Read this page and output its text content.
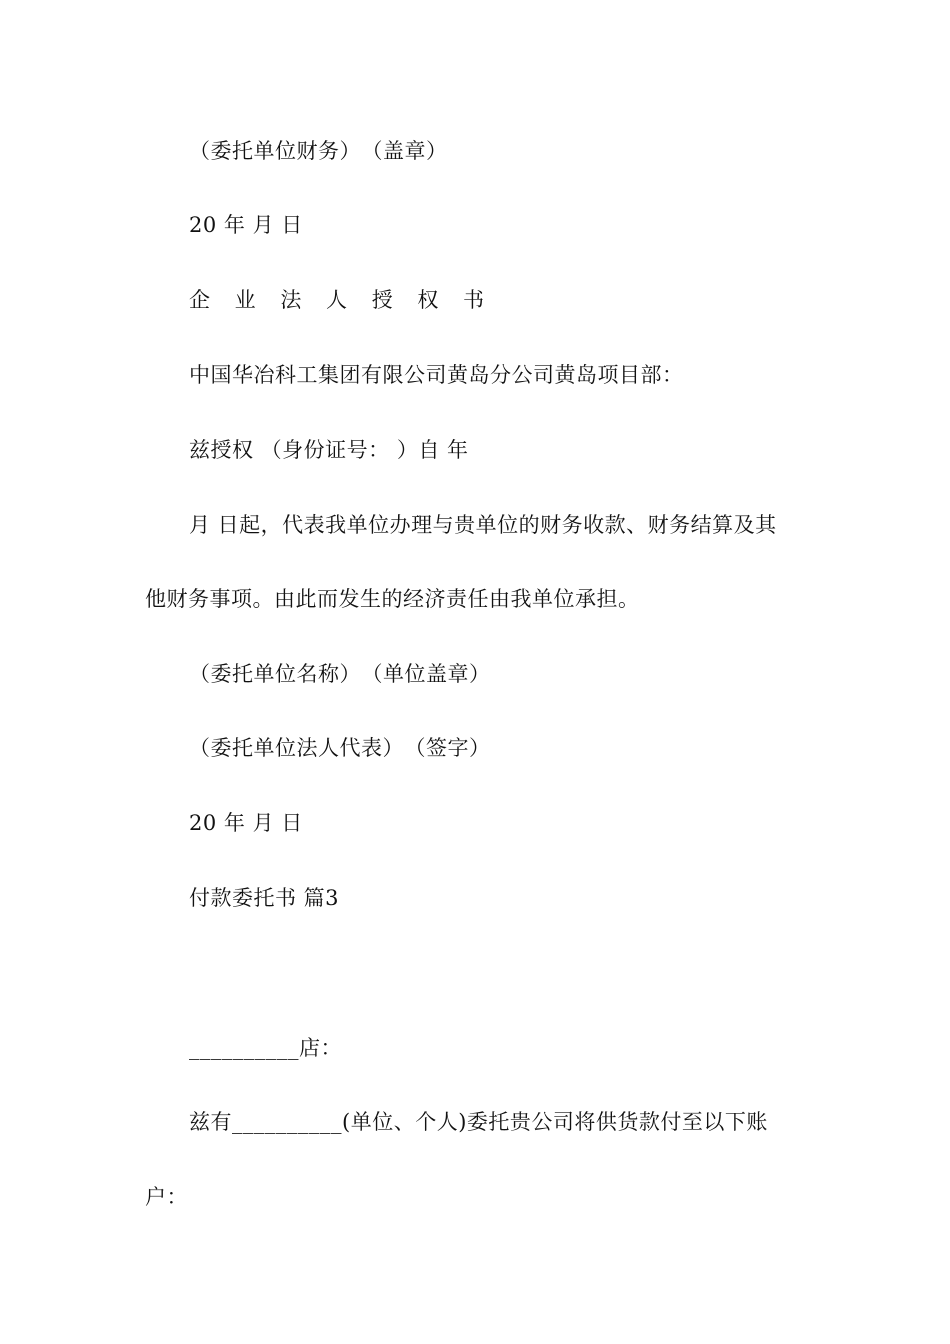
（委托单位财务）　（盖章）
20 年 月 日
企 业 法 人 授 权 书
中国华冶科工集团有限公司黄岛分公司黄岛项目部：
兹授权 （身份证号： ）自 年
月 日起，代表我单位办理与贵单位的财务收款、财务结算及其
他财务事项。由此而发生的经济责任由我单位承担。
（委托单位名称）　（单位盖章）
（委托单位法人代表）　（签字）
20 年 月 日
付款委托书 篇3
__________店：
兹有__________(单位、个人)委托贵公司将供货款付至以下账
户：
